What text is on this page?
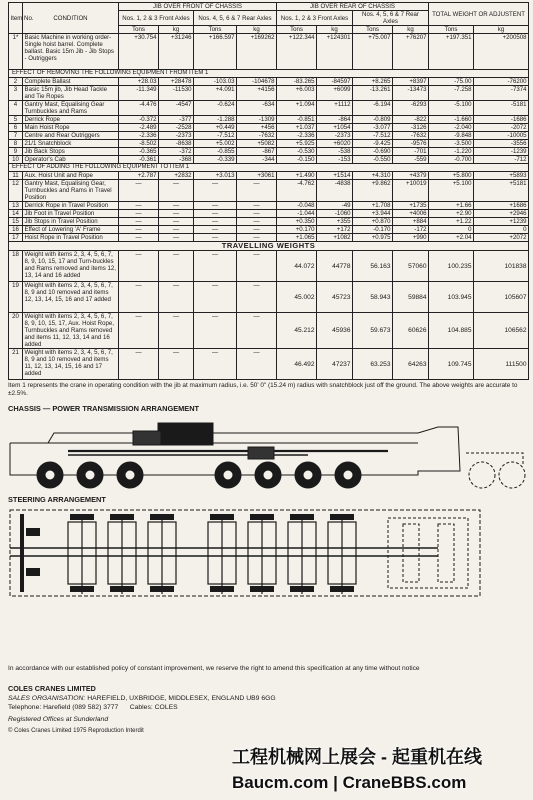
Item No.	CONDITION	JIB OVER FRONT OF CHASSIS				JIB OVER REAR OF CHASSIS				TOTAL WEIGHT OR ADJUSTENT	
		Nos. 1, 2 & 3 Front Axles		Nos. 4, 5, 6 & 7 Rear Axles		Nos. 1, 2 & 3 Front Axles		Nos. 4, 5, 6 & 7 Rear Axles			
		Tons	kg	Tons	kg	Tons	kg	Tons	kg	Tons	kg
1*	Basic Machine in working order- Single hoist barrel. Complete ballast. Basic 15m Jib - Jib Stops - Outriggers	+30.754	+31246	+166.597	+169262	+122.344	+124301	+75.007	+76207	+197.351	+200508
EFFECT OF REMOVING THE FOLLOWING EQUIPMENT FROM ITEM 1											
2	Complete Ballast	+28.03	+28478	-103.03	-104678	-83.265	-84597	+8.265	+8397	-75.00	-76200
3	Basic 15m jib, Jib Head Tackle and Tie Ropes	-11.349	-11530	+4.091	+4156	+6.003	+6099	-13.261	-13473	-7.258	-7374
4	Gantry Mast, Equalising Gear Turnbuckles and Rams	-4.476	-4547	-0.624	-634	+1.094	+1112	-6.194	-6293	-5.100	-5181
5	Derrick Rope	-0.372	-377	-1.288	-1309	-0.851	-864	-0.809	-822	-1.660	-1686
6	Main Hoist Rope	-2.489	-2528	+0.449	+456	+1.037	+1054	-3.077	-3126	-2.040	-2072
7	Centre and Rear Outriggers	-2.336	-2373	-7.512	-7632	-2.336	-2373	-7.512	-7632	-9.848	-10005
8	21/1 Snatchblock	-8.502	-8638	+5.002	+5082	+5.925	+6020	-9.425	-9576	-3.500	-3556
9	Jib Back Stops	-0.365	-372	-0.855	-867	-0.530	-538	-0.690	-701	-1.220	-1239
10	Operator's Cab	-0.361	-368	-0.339	-344	-0.150	-153	-0.550	-559	-0.700	-712
EFFECT OF ADDING THE FOLLOWING EQUIPMENT TO ITEM 1											
11	Aux. Hoist Unit and Rope	+2.787	+2832	+3.013	+3061	+1.490	+1514	+4.310	+4379	+5.800	+5893
12	Gantry Mast, Equalising Gear, Turnbuckles and Rams in Travel Position	—	—	—	—	-4.762	-4838	+9.862	+10019	+5.100	+5181
13	Derrick Rope in Travel Position	—	—	—	—	-0.048	-49	+1.708	+1735	+1.66	+1686
14	Jib Foot in Travel Position	—	—	—	—	-1.044	-1060	+3.944	+4006	+2.90	+2946
15	Jib Stops in Travel Position	—	—	—	—	+0.350	+355	+0.870	+884	+1.22	+1239
16	Effect of Lowering 'A' Frame	—	—	—	—	+0.170	+172	-0.170	-172	0	0
17	Hoist Rope in Travel Position	—	—	—	—	+1.065	+1082	+0.975	+990	+2.04	+2072
TRAVELLING WEIGHTS											
18	Weight with items 2, 3, 4, 5, 6, 7, 8, 9, 10, 15, 17 and Turn-buckles and Rams removed and items 12, 13, 14 and 16 added	—	—	—	—	44.072	44778	56.163	57060	100.235	101838
19	Weight with items 2, 3, 4, 5, 6, 7, 8, 9 and 10 removed and items 12, 13, 14, 15, 16 and 17 added	—	—	—	—	45.002	45723	58.943	59884	103.945	105607
20	Weight with items 2, 3, 4, 5, 6, 7, 8, 9, 10, 15, 17, Aux. Hoist Rope, Turnbuckles and Rams removed and items 11, 12, 13, 14 and 16 added	—	—	—	—	45.212	45936	59.673	60626	104.885	106562
21	Weight with items 2, 3, 4, 5, 6, 7, 8, 9 and 10 removed and items 11, 12, 13, 14, 15, 16 and 17 added	—	—	—	—	46.492	47237	63.253	64263	109.745	111500

Item 1 represents the crane in operating condition with the jib at maximum radius, i.e. 50' 0" (15.24 m) radius with snatchblock just off the ground. The above weights are accurate to ±2.5%.

CHASSIS — POWER TRANSMISSION ARRANGEMENT

STEERING ARRANGEMENT

In accordance with our established policy of constant improvement, we reserve the right to amend this specification at any time without notice
COLES CRANES LIMITED
SALES ORGANISATION: HAREFIELD, UXBRIDGE, MIDDLESEX, ENGLAND UB9 6GG
Telephone: Harefield (089 582) 3777 Cables: COLES
Registered Offices at Sunderland
© Coles Cranes Limited 1975 Reproduction Interdit
工程机械网上展会 - 起重机在线
Baucm.com | CraneBBS.com
